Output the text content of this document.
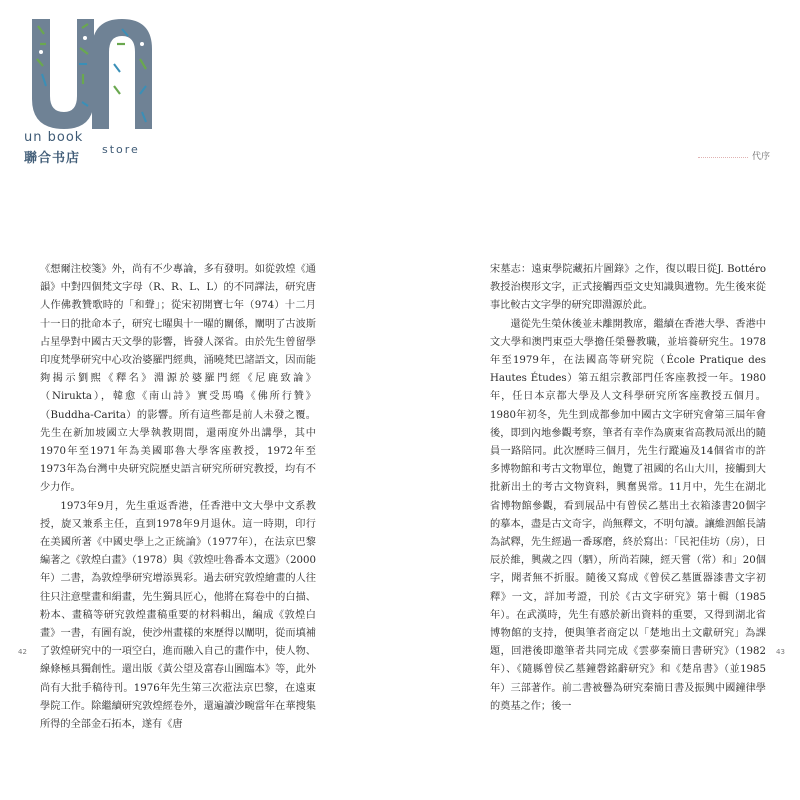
un book
聯合书店
store
代序

《想爾注校箋》外，尚有不少專論，多有發明。如從敦煌《通韻》中對四個梵文字母（R、R、L、L）的不同譯法，研究唐人作佛教贊歌時的「和聲」；從宋初開寶七年（974）十二月十一日的批命本子，研究七曜與十一曜的關係，闡明了古波斯占星學對中國古天文學的影響，皆發人深省。由於先生曾留學印度梵學研究中心攻治婆羅門經典，涌曉梵巴諸語文，因而能夠揭示劉熙《釋名》淵源於婆羅門經《尼鹿致論》（Nirukta），韓愈《南山詩》實受馬鳴《佛所行贊》（Buddha-Carita）的影響。所有這些都是前人未發之覆。先生在新加坡國立大學執教期間，還兩度外出講學，其中1970年至1971年為美國耶魯大學客座教授，1972年至1973年為台灣中央研究院歷史語言研究所研究教授，均有不少力作。

1973年9月，先生重返香港，任香港中文大學中文系教授，旋又兼系主任，直到1978年9月退休。這一時期，印行在美國所著《中國史學上之正統論》（1977年），在法京巴黎編著之《敦煌白畫》（1978）與《敦煌吐魯番本文選》（2000年）二書，為敦煌學研究增添異彩。過去研究敦煌繪畫的人往往只注意壁畫和絹畫，先生獨具匠心，他將在寫卷中的白描、粉本、畫稿等研究敦煌畫稿重要的材料輯出，編成《敦煌白畫》一書，有圖有說，使沙州畫樣的來歷得以闡明，從而填補了敦煌研究中的一項空白，進而融入自己的畫作中，使人物、線條極具獨創性。還出版《黃公望及富春山圖臨本》等，此外尚有大批手稿待刊。1976年先生第三次蒞法京巴黎，在遠東學院工作。除繼續研究敦煌經卷外，還遍讀沙畹當年在華搜集所得的全部金石拓本，遂有《唐

宋墓志：遠東學院藏拓片圖錄》之作，復以暇日從J. Bottéro教授治楔形文字，正式接觸西亞文史知識與遺物。先生後來從事比較古文字學的研究即淵源於此。

還從先生榮休後並未離開教席，繼續在香港大學、香港中文大學和澳門東亞大學擔任榮譽教職，並培養研究生。1978年至1979年，在法國高等研究院（École Pratique des Hautes Études）第五組宗教部門任客座教授一年。1980年，任日本京都大學及人文科學研究所客座教授五個月。1980年初冬，先生到成都參加中國古文字研究會第三屆年會後，即到內地參觀考察，筆者有幸作為廣東省高教局派出的隨員一路陪同。此次歷時三個月，先生行蹤遍及14個省市的許多博物館和考古文物單位，飽覽了祖國的名山大川，接觸到大批新出土的考古文物資料，興奮異常。11月中，先生在湖北省博物館參觀，看到展品中有曾侯乙墓出土衣箱漆書20個字的摹本，盡是古文奇字，尚無釋文，不明句讀。讓維泗館長請為試釋，先生經過一番琢磨，終於寫出：「民祀佳坊（房），日辰於維，興歲之四（駟），所尚若陳，經天嘗（常）和」20個字，聞者無不折服。隨後又寫成《曾侯乙墓匱器漆書文字初釋》一文，詳加考證，刊於《古文字研究》第十輯（1985年）。在武漢時，先生有感於新出資料的重要，又得到湖北省博物館的支持，便與筆者商定以「楚地出土文獻研究」為課題，回港後即邀筆者共同完成《雲夢秦簡日書研究》（1982年）、《隨縣曾侯乙墓鐘磬銘辭研究》和《楚帛書》（並1985年）三部著作。前二書被譽為研究秦簡日書及振興中國鐘律學的奠基之作；後一

42	43
